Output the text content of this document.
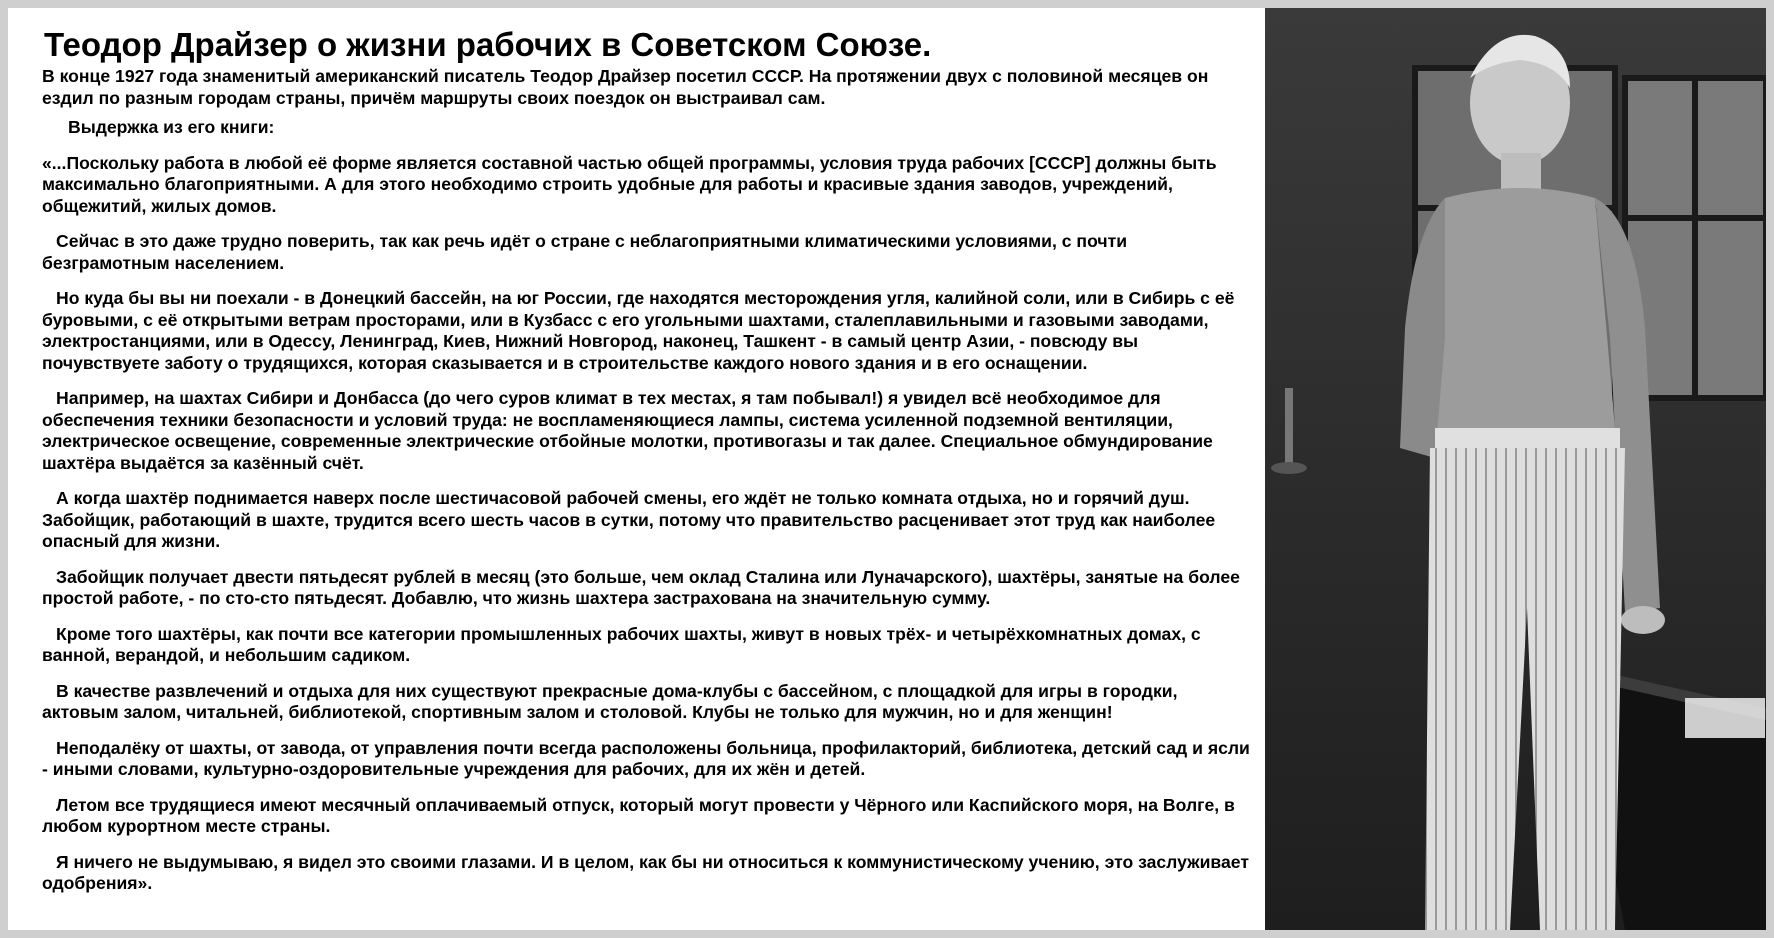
Теодор Драйзер о жизни рабочих в Советском Союзе.

В конце 1927 года знаменитый американский писатель Теодор Драйзер посетил СССР. На протяжении двух с половиной месяцев он ездил по разным городам страны, причём маршруты своих поездок он выстраивал сам.

Выдержка из его книги:

«...Поскольку работа в любой её форме является составной частью общей программы, условия труда рабочих [СССР] должны быть максимально благоприятными. А для этого необходимо строить удобные для работы и красивые здания заводов, учреждений, общежитий, жилых домов.

Сейчас в это даже трудно поверить, так как речь идёт о стране с неблагоприятными климатическими условиями, с почти безграмотным населением.

Но куда бы вы ни поехали - в Донецкий бассейн, на юг России, где находятся месторождения угля, калийной соли, или в Сибирь с её буровыми, с её открытыми ветрам просторами, или в Кузбасс с его угольными шахтами, сталеплавильными и газовыми заводами, электростанциями, или в Одессу, Ленинград, Киев, Нижний Новгород, наконец, Ташкент - в самый центр Азии, - повсюду вы почувствуете заботу о трудящихся, которая сказывается и в строительстве каждого нового здания и в его оснащении.

Например, на шахтах Сибири и Донбасса (до чего суров климат в тех местах, я там побывал!) я увидел всё необходимое для обеспечения техники безопасности и условий труда: не воспламеняющиеся лампы, система усиленной подземной вентиляции, электрическое освещение, современные электрические отбойные молотки, противогазы и так далее. Специальное обмундирование шахтёра выдаётся за казённый счёт.

А когда шахтёр поднимается наверх после шестичасовой рабочей смены, его ждёт не только комната отдыха, но и горячий душ. Забойщик, работающий в шахте, трудится всего шесть часов в сутки, потому что правительство расценивает этот труд как наиболее опасный для жизни.

Забойщик получает двести пятьдесят рублей в месяц (это больше, чем оклад Сталина или Луначарского), шахтёры, занятые на более простой работе, - по сто-сто пятьдесят. Добавлю, что жизнь шахтера застрахована на значительную сумму.

Кроме того шахтёры, как почти все категории промышленных рабочих шахты, живут в новых трёх- и четырёхкомнатных домах, с ванной, верандой, и небольшим садиком.

В качестве развлечений и отдыха для них существуют прекрасные дома-клубы с бассейном, с площадкой для игры в городки, актовым залом, читальней, библиотекой, спортивным залом и столовой. Клубы не только для мужчин, но и для женщин!

Неподалёку от шахты, от завода, от управления почти всегда расположены больница, профилакторий, библиотека, детский сад и ясли - иными словами, культурно-оздоровительные учреждения для рабочих, для их жён и детей.

Летом все трудящиеся имеют месячный оплачиваемый отпуск, который могут провести у Чёрного или Каспийского моря, на Волге, в любом курортном месте страны.

Я ничего не выдумываю, я видел это своими глазами. И в целом, как бы ни относиться к коммунистическому учению, это заслуживает одобрения».
